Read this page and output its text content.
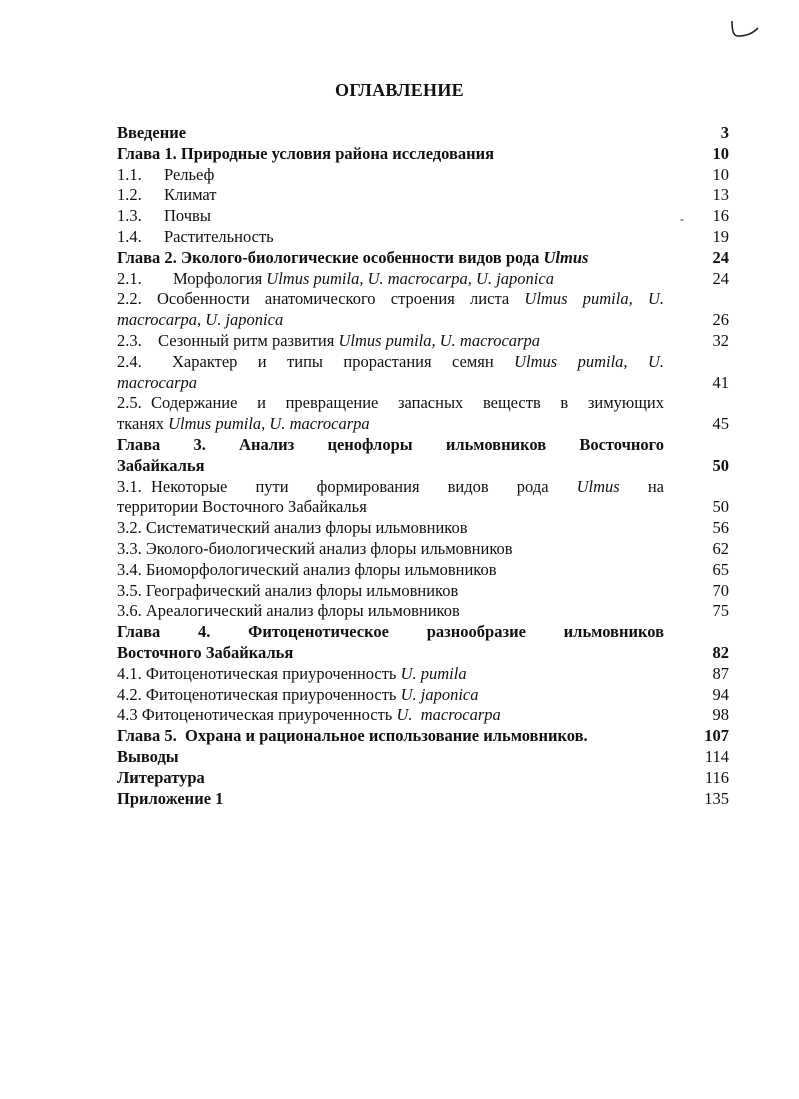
ОГЛАВЛЕНИЕ
-
Введение	3
Глава 1. Природные условия района исследования	10
1.1. Рельеф	10
1.2. Климат	13
1.3. Почвы	16
1.4. Растительность	19
Глава 2. Эколого-биологические особенности видов рода Ulmus	24
2.1. Морфология Ulmus pumila, U. macrocarpa, U. japonica	24
2.2. Особенности анатомического строения листа Ulmus pumila, U.
macrocarpa, U. japonica	26
2.3. Сезонный ритм развития Ulmus pumila, U. macrocarpa	32
2.4. Характер и типы прорастания семян Ulmus pumila, U.
macrocarpa	41
2.5. Содержание и превращение запасных веществ в зимующих
тканях Ulmus pumila, U. macrocarpa	45
Глава 3. Анализ ценофлоры ильмовников Восточного
Забайкалья	50
3.1. Некоторые пути формирования видов рода Ulmus на
территории Восточного Забайкалья	50
3.2. Систематический анализ флоры ильмовников	56
3.3. Эколого-биологический анализ флоры ильмовников	62
3.4. Биоморфологический анализ флоры ильмовников	65
3.5. Географический анализ флоры ильмовников	70
3.6. Ареалогический анализ флоры ильмовников	75
Глава 4. Фитоценотическое разнообразие ильмовников
Восточного Забайкалья	82
4.1. Фитоценотическая приуроченность U. pumila	87
4.2. Фитоценотическая приуроченность U. japonica	94
4.3 Фитоценотическая приуроченность U.  macrocarpa	98
Глава 5.  Охрана и рациональное использование ильмовников.	107
Выводы	114
Литература	116
Приложение 1	135
